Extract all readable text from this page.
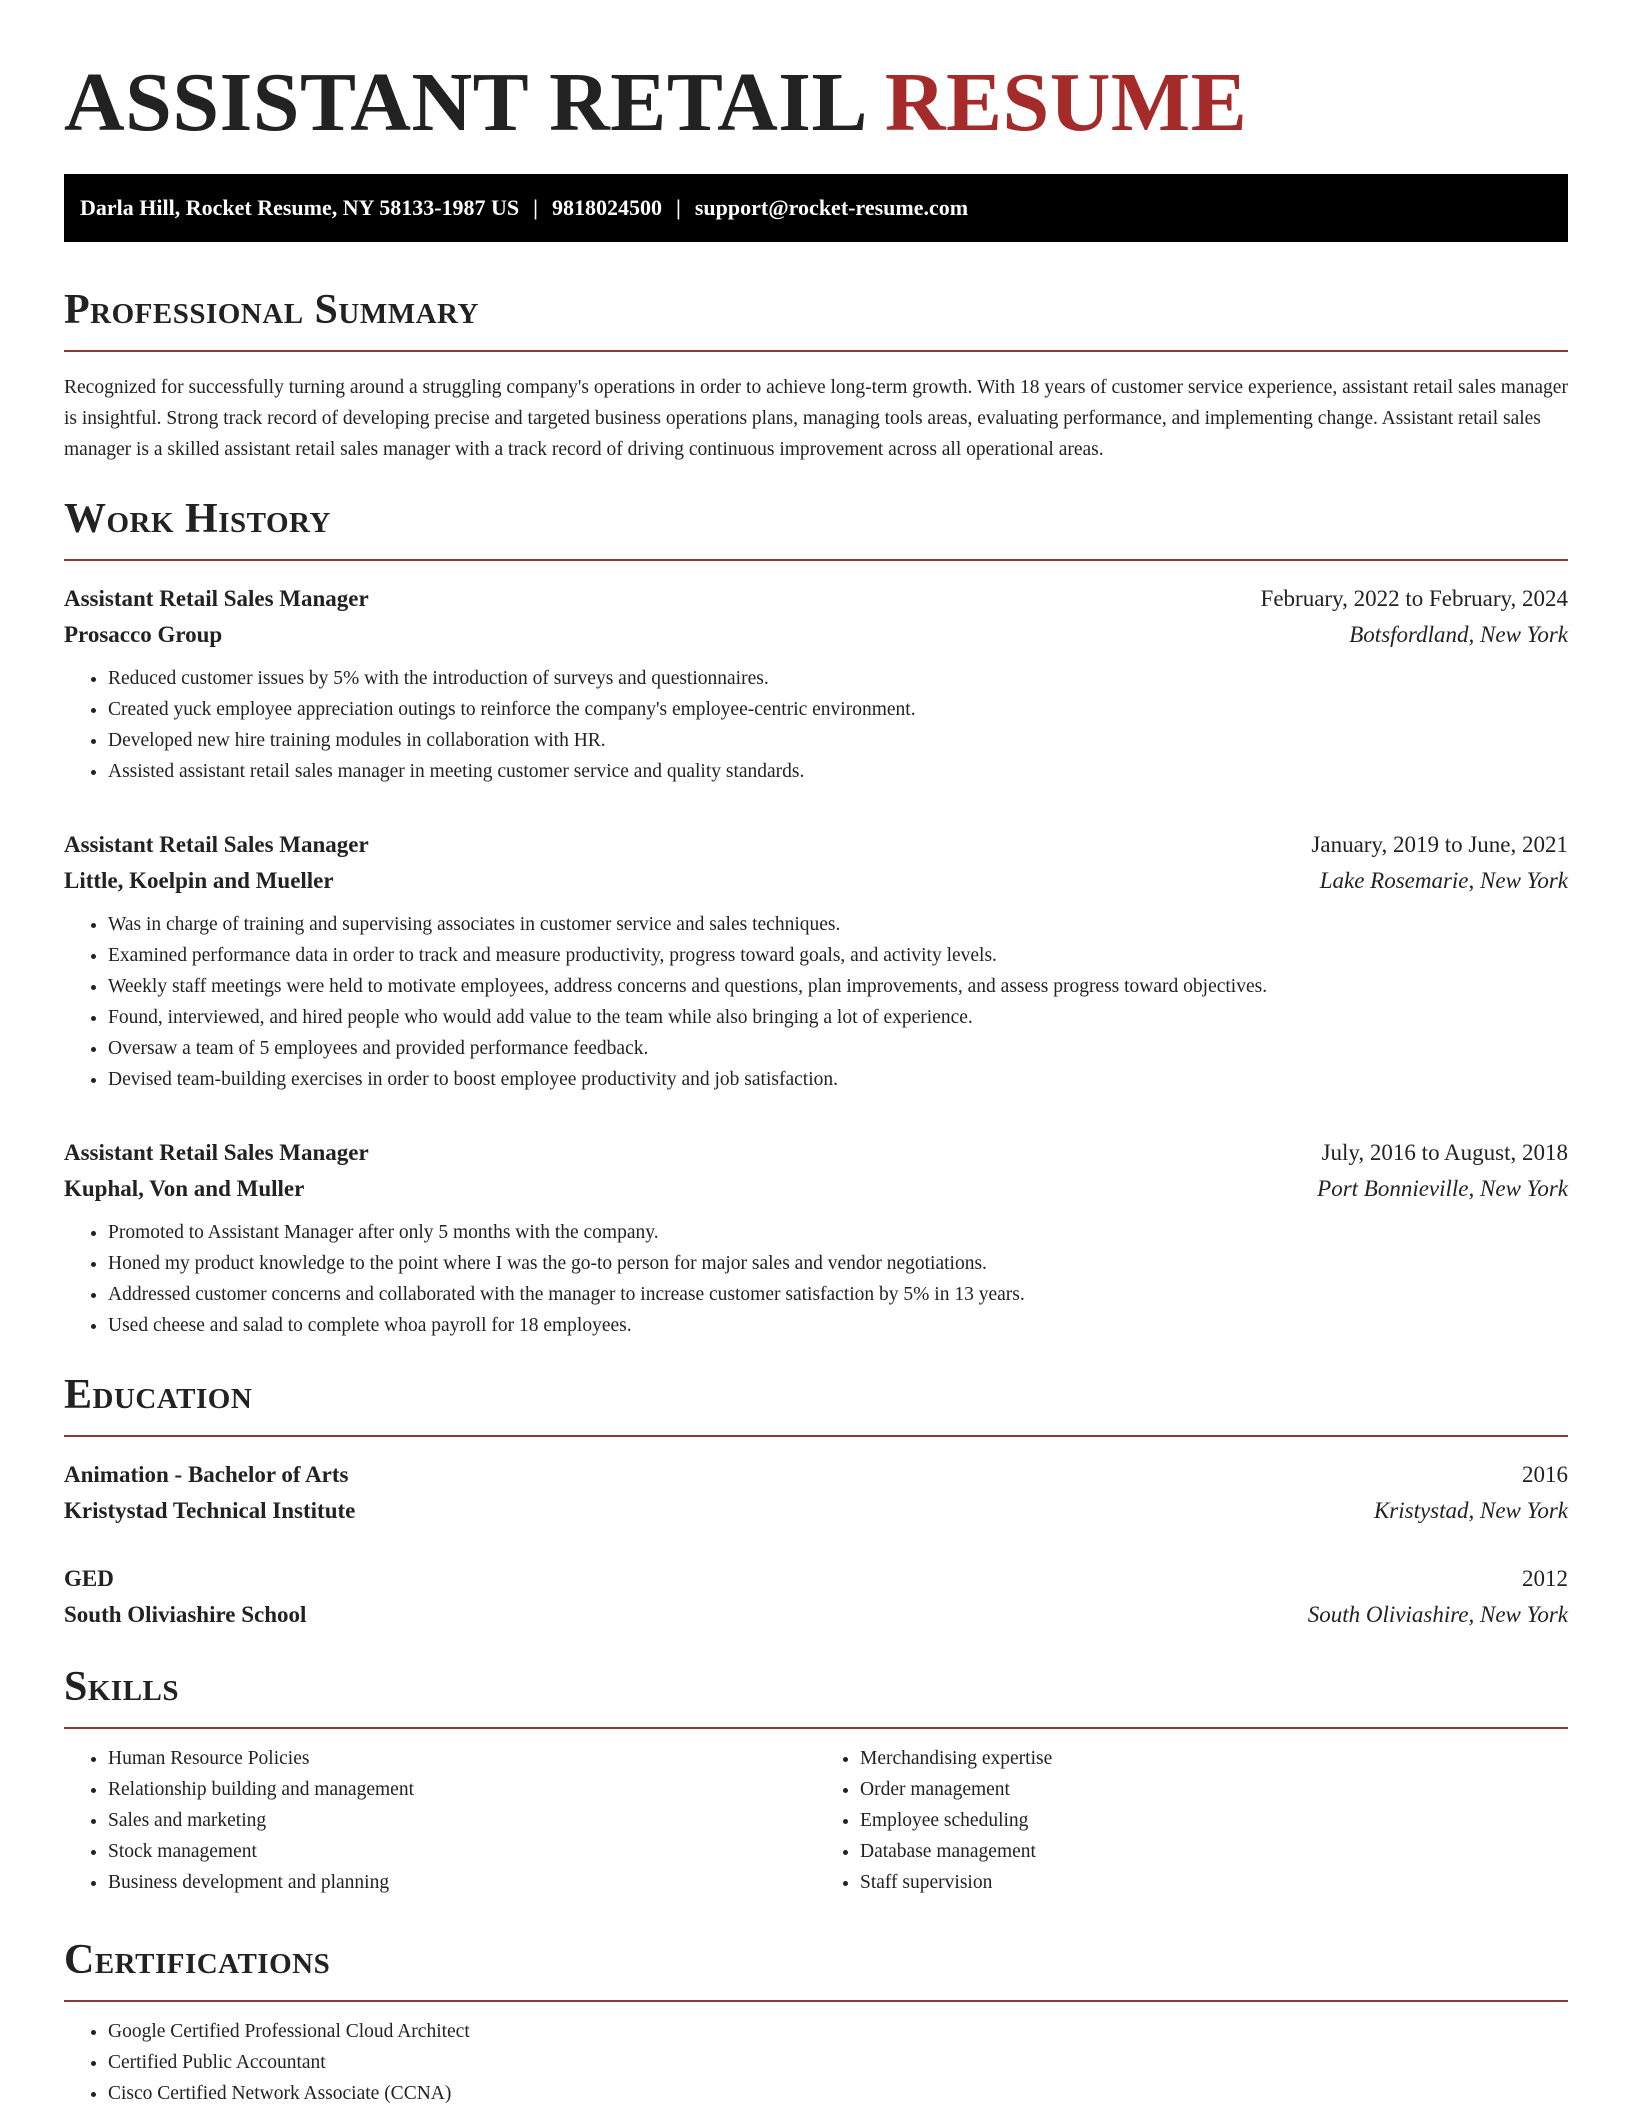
ASSISTANT RETAIL RESUME
Darla Hill, Rocket Resume, NY 58133-1987 US | 9818024500 | support@rocket-resume.com
Professional Summary

Recognized for successfully turning around a struggling company's operations in order to achieve long-term growth. With 18 years of customer service experience, assistant retail sales manager is insightful. Strong track record of developing precise and targeted business operations plans, managing tools areas, evaluating performance, and implementing change. Assistant retail sales manager is a skilled assistant retail sales manager with a track record of driving continuous improvement across all operational areas.

Work History
Assistant Retail Sales Manager	February, 2022 to February, 2024
Prosacco Group	Botsfordland, New York
• Reduced customer issues by 5% with the introduction of surveys and questionnaires.
• Created yuck employee appreciation outings to reinforce the company's employee-centric environment.
• Developed new hire training modules in collaboration with HR.
• Assisted assistant retail sales manager in meeting customer service and quality standards.
Assistant Retail Sales Manager	January, 2019 to June, 2021
Little, Koelpin and Mueller	Lake Rosemarie, New York
• Was in charge of training and supervising associates in customer service and sales techniques.
• Examined performance data in order to track and measure productivity, progress toward goals, and activity levels.
• Weekly staff meetings were held to motivate employees, address concerns and questions, plan improvements, and assess progress toward objectives.
• Found, interviewed, and hired people who would add value to the team while also bringing a lot of experience.
• Oversaw a team of 5 employees and provided performance feedback.
• Devised team-building exercises in order to boost employee productivity and job satisfaction.
Assistant Retail Sales Manager	July, 2016 to August, 2018
Kuphal, Von and Muller	Port Bonnieville, New York
• Promoted to Assistant Manager after only 5 months with the company.
• Honed my product knowledge to the point where I was the go-to person for major sales and vendor negotiations.
• Addressed customer concerns and collaborated with the manager to increase customer satisfaction by 5% in 13 years.
• Used cheese and salad to complete whoa payroll for 18 employees.
Education
Animation - Bachelor of Arts	2016
Kristystad Technical Institute	Kristystad, New York
GED	2012
South Oliviashire School	South Oliviashire, New York
Skills
• Human Resource Policies
• Relationship building and management
• Sales and marketing
• Stock management
• Business development and planning
• Merchandising expertise
• Order management
• Employee scheduling
• Database management
• Staff supervision
Certifications
• Google Certified Professional Cloud Architect
• Certified Public Accountant
• Cisco Certified Network Associate (CCNA)
